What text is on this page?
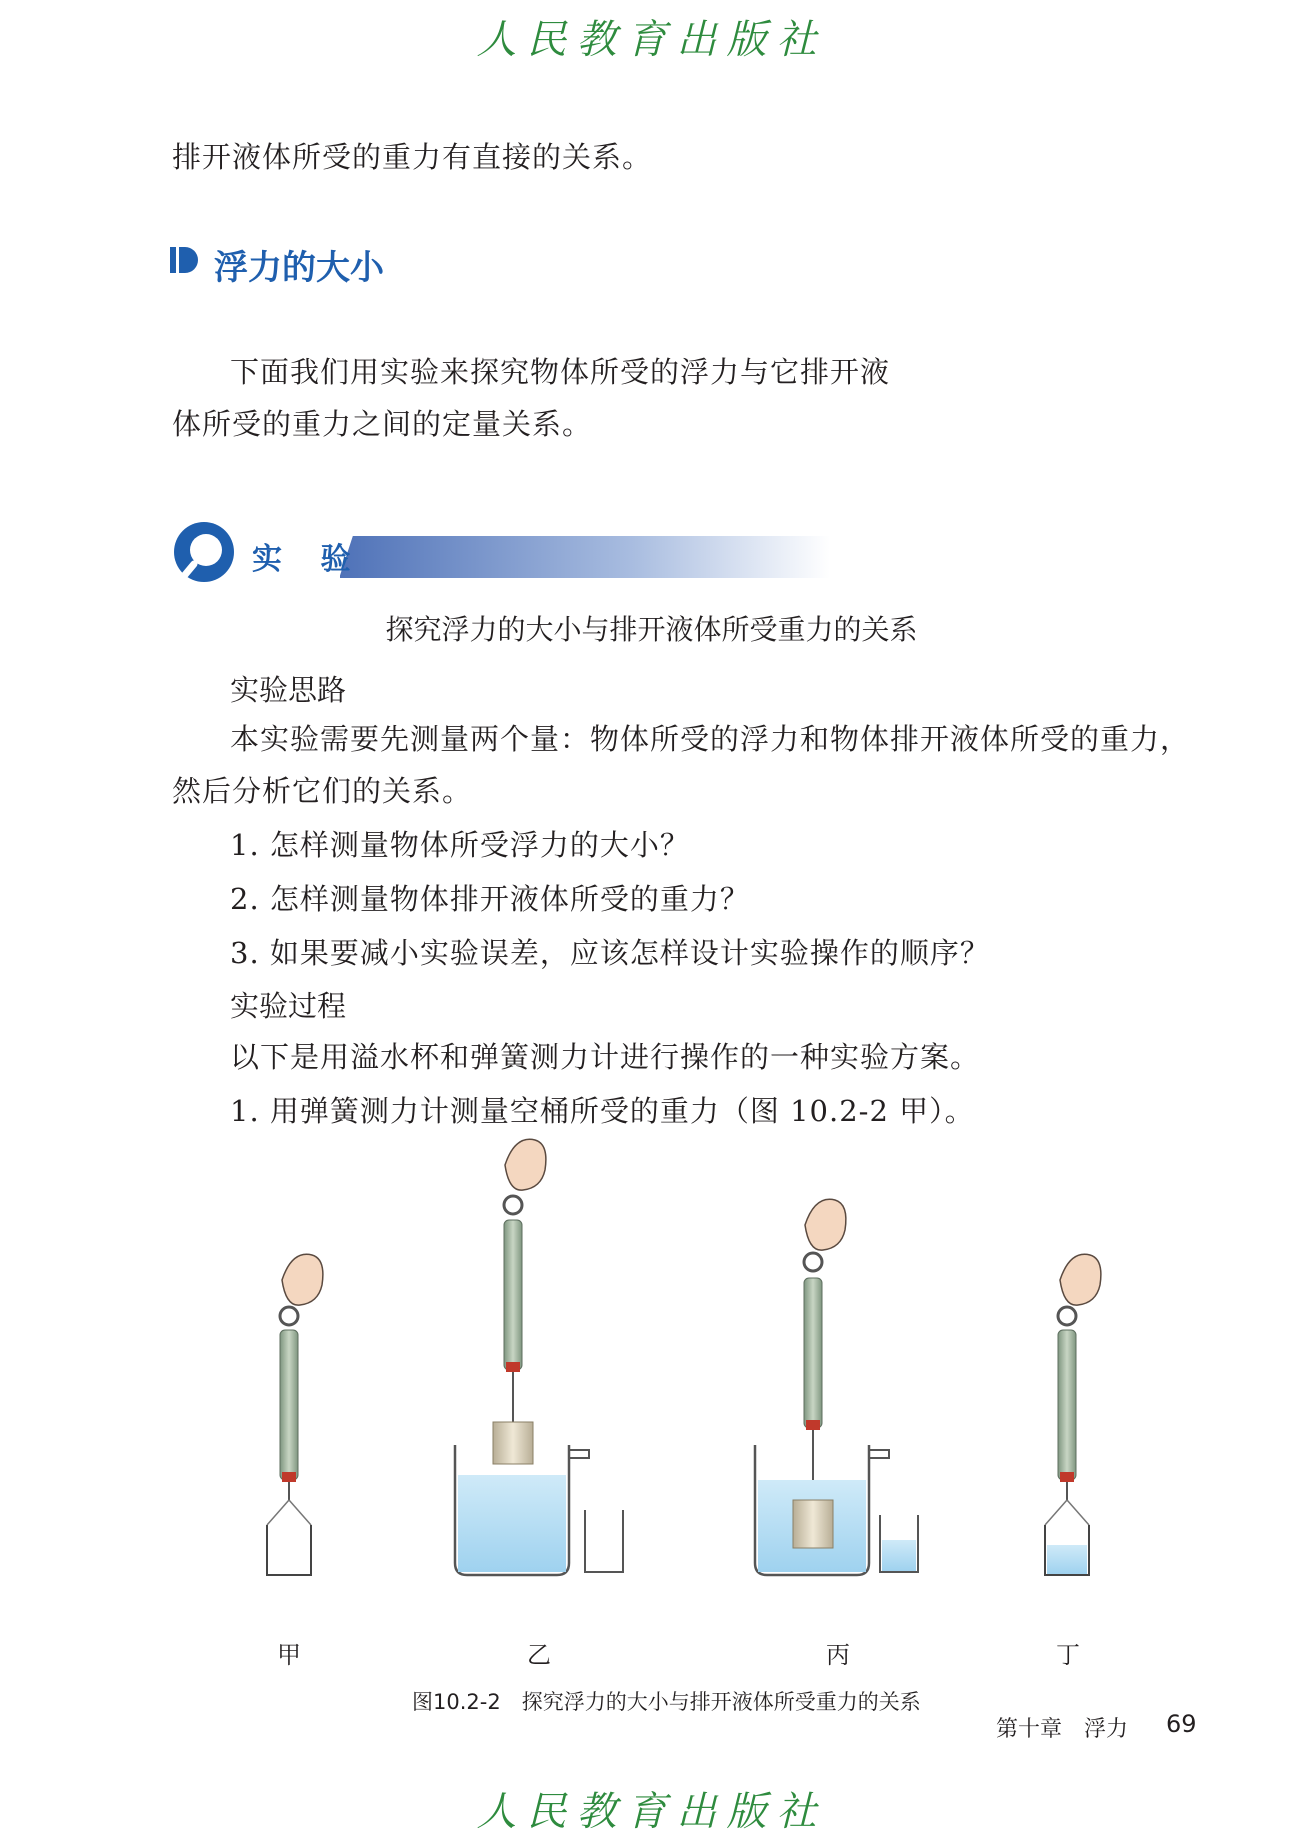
人民教育出版社
排开液体所受的重力有直接的关系。
浮力的大小
下面我们用实验来探究物体所受的浮力与它排开液
体所受的重力之间的定量关系。
实 验
探究浮力的大小与排开液体所受重力的关系
实验思路
本实验需要先测量两个量：物体所受的浮力和物体排开液体所受的重力，
然后分析它们的关系。
1. 怎样测量物体所受浮力的大小？
2. 怎样测量物体排开液体所受的重力？
3. 如果要减小实验误差，应该怎样设计实验操作的顺序？
实验过程
以下是用溢水杯和弹簧测力计进行操作的一种实验方案。
1. 用弹簧测力计测量空桶所受的重力（图 10.2-2 甲）。
甲	乙	丙	丁
图10.2-2　探究浮力的大小与排开液体所受重力的关系
第十章　浮力 69
人民教育出版社
